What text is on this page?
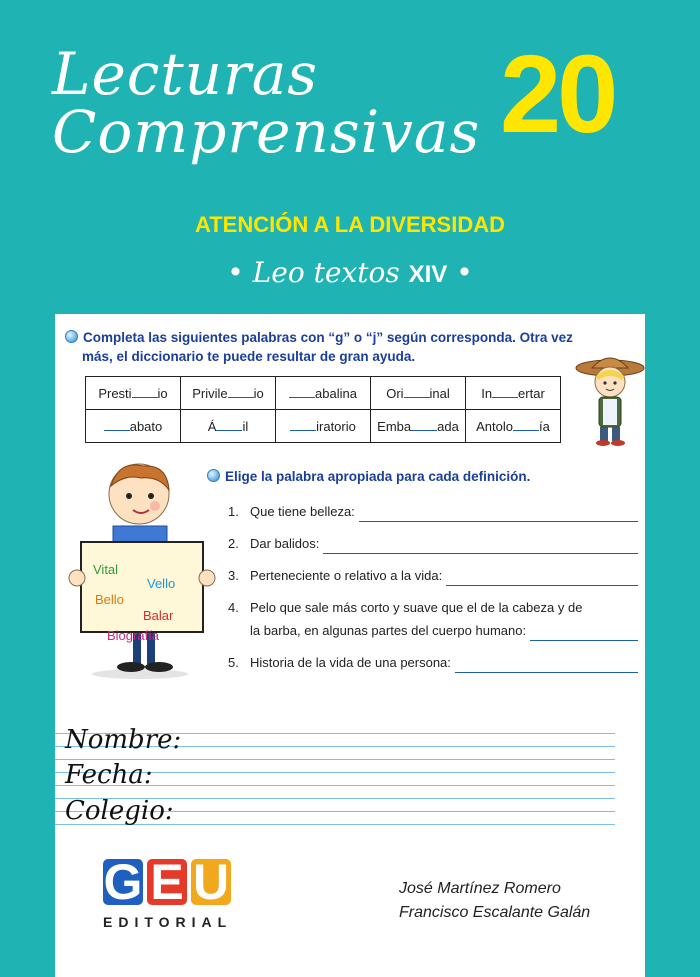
Lecturas
Comprensivas 20
ATENCIÓN A LA DIVERSIDAD
• Leo textos XIV •
Completa las siguientes palabras con “g” o “j” según corresponda. Otra vez
más, el diccionario te puede resultar de gran ayuda.
Presti io	Privile io	abalina	Ori inal	In ertar
abato	Á il	iratorio	Emba ada	Antolo ía
Vital
Vello
Bello
Balar
Biografía
Elige la palabra apropiada para cada definición.
1. Que tiene belleza:
2. Dar balidos:
3. Perteneciente o relativo a la vida:
4. Pelo que sale más corto y suave que el de la cabeza y de
la barba, en algunas partes del cuerpo humano:
5. Historia de la vida de una persona:
Nombre:
Fecha:
Colegio:
G E U
EDITORIAL
José Martínez Romero
Francisco Escalante Galán
